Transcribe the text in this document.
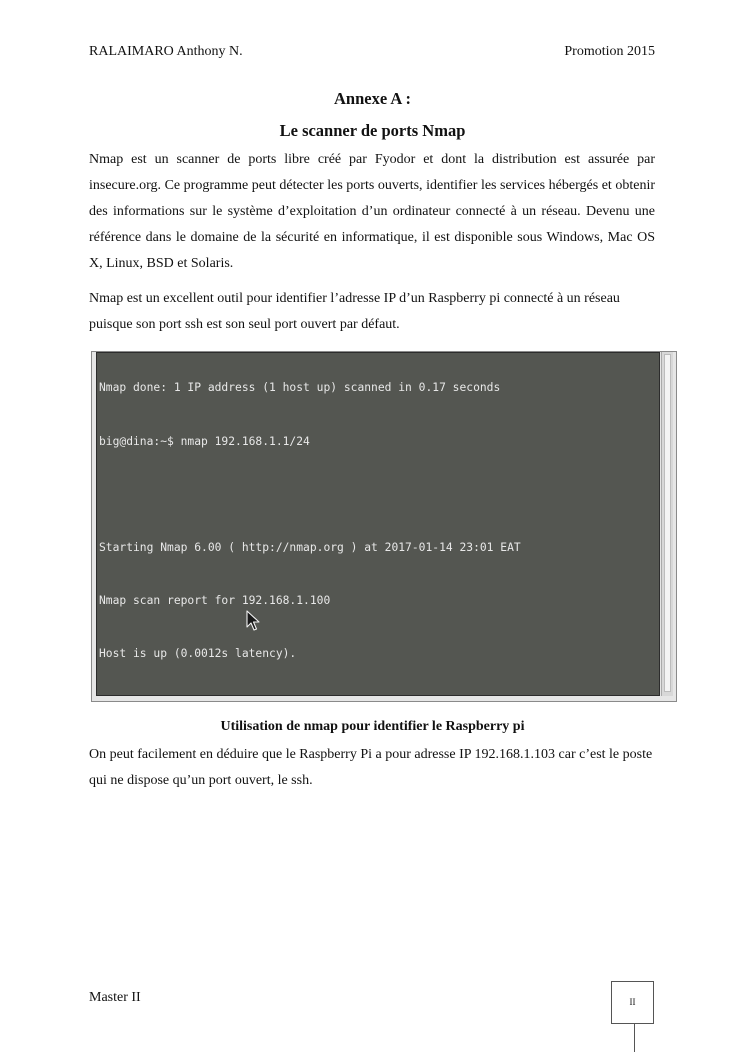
RALAIMARO Anthony N.	Promotion 2015
Annexe A :
Le scanner de ports Nmap

Nmap est un scanner de ports libre créé par Fyodor et dont la distribution est assurée par insecure.org. Ce programme peut détecter les ports ouverts, identifier les services hébergés et obtenir des informations sur le système d’exploitation d’un ordinateur connecté à un réseau. Devenu une référence dans le domaine de la sécurité en informatique, il est disponible sous Windows, Mac OS X, Linux, BSD et Solaris.

Nmap est un excellent outil pour identifier l’adresse IP d’un Raspberry pi connecté à un réseau puisque son port ssh est son seul port ouvert par défaut.

Nmap done: 1 IP address (1 host up) scanned in 0.17 seconds

big@dina:~$ nmap 192.168.1.1/24

Starting Nmap 6.00 ( http://nmap.org ) at 2017-01-14 23:01 EAT

Nmap scan report for 192.168.1.100

Host is up (0.0012s latency).

Utilisation de nmap pour identifier le Raspberry pi

On peut facilement en déduire que le Raspberry Pi a pour adresse IP 192.168.1.103 car c’est le poste qui ne dispose qu’un port ouvert, le ssh.

Master II	II
